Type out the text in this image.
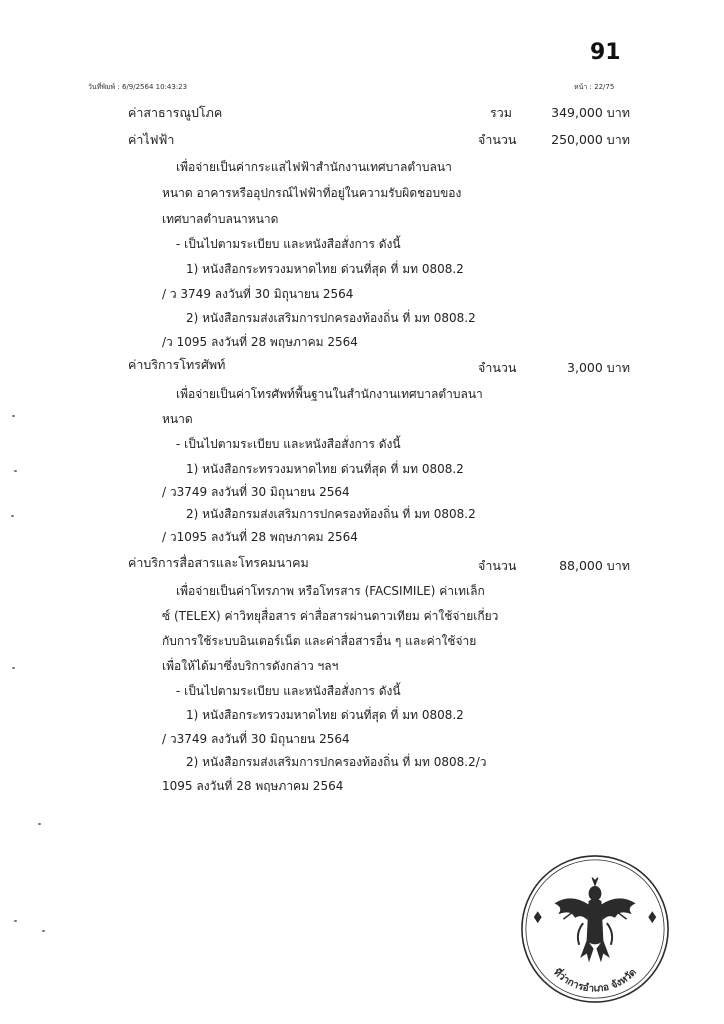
91
วันที่พิมพ์ : 6/9/2564 10:43:23	หน้า : 22/75
ค่าสาธารณูปโภค	รวม	349,000 บาท
ค่าไฟฟ้า	จำนวน	250,000 บาท
เพื่อจ่ายเป็นค่ากระแสไฟฟ้าสำนักงานเทศบาลตำบลนา
หนาด อาคารหรืออุปกรณ์ไฟฟ้าที่อยู่ในความรับผิดชอบของ
เทศบาลตำบลนาหนาด
- เป็นไปตามระเบียบ และหนังสือสั่งการ ดังนี้
1) หนังสือกระทรวงมหาดไทย ด่วนที่สุด ที่ มท 0808.2
/ ว 3749 ลงวันที่ 30 มิถุนายน 2564
2) หนังสือกรมส่งเสริมการปกครองท้องถิ่น ที่ มท 0808.2
/ว 1095 ลงวันที่ 28 พฤษภาคม 2564
ค่าบริการโทรศัพท์	จำนวน	3,000 บาท
เพื่อจ่ายเป็นค่าโทรศัพท์พื้นฐานในสำนักงานเทศบาลตำบลนา
หนาด
- เป็นไปตามระเบียบ และหนังสือสั่งการ ดังนี้
1) หนังสือกระทรวงมหาดไทย ด่วนที่สุด ที่ มท 0808.2
/ ว3749 ลงวันที่ 30 มิถุนายน 2564
2) หนังสือกรมส่งเสริมการปกครองท้องถิ่น ที่ มท 0808.2
/ ว1095 ลงวันที่ 28 พฤษภาคม 2564
ค่าบริการสื่อสารและโทรคมนาคม	จำนวน	88,000 บาท
เพื่อจ่ายเป็นค่าโทรภาพ หรือโทรสาร (FACSIMILE) ค่าเทเล็ก
ซ์ (TELEX) ค่าวิทยุสื่อสาร ค่าสื่อสารผ่านดาวเทียม ค่าใช้จ่ายเกี่ยว
กับการใช้ระบบอินเตอร์เน็ต และค่าสื่อสารอื่น ๆ และค่าใช้จ่าย
เพื่อให้ได้มาซึ่งบริการดังกล่าว ฯลฯ
- เป็นไปตามระเบียบ และหนังสือสั่งการ ดังนี้
1) หนังสือกระทรวงมหาดไทย ด่วนที่สุด ที่ มท 0808.2
/ ว3749 ลงวันที่ 30 มิถุนายน 2564
2) หนังสือกรมส่งเสริมการปกครองท้องถิ่น ที่ มท 0808.2/ว
1095 ลงวันที่ 28 พฤษภาคม 2564
ที่ว่าการอำเภอ จังหวัด
